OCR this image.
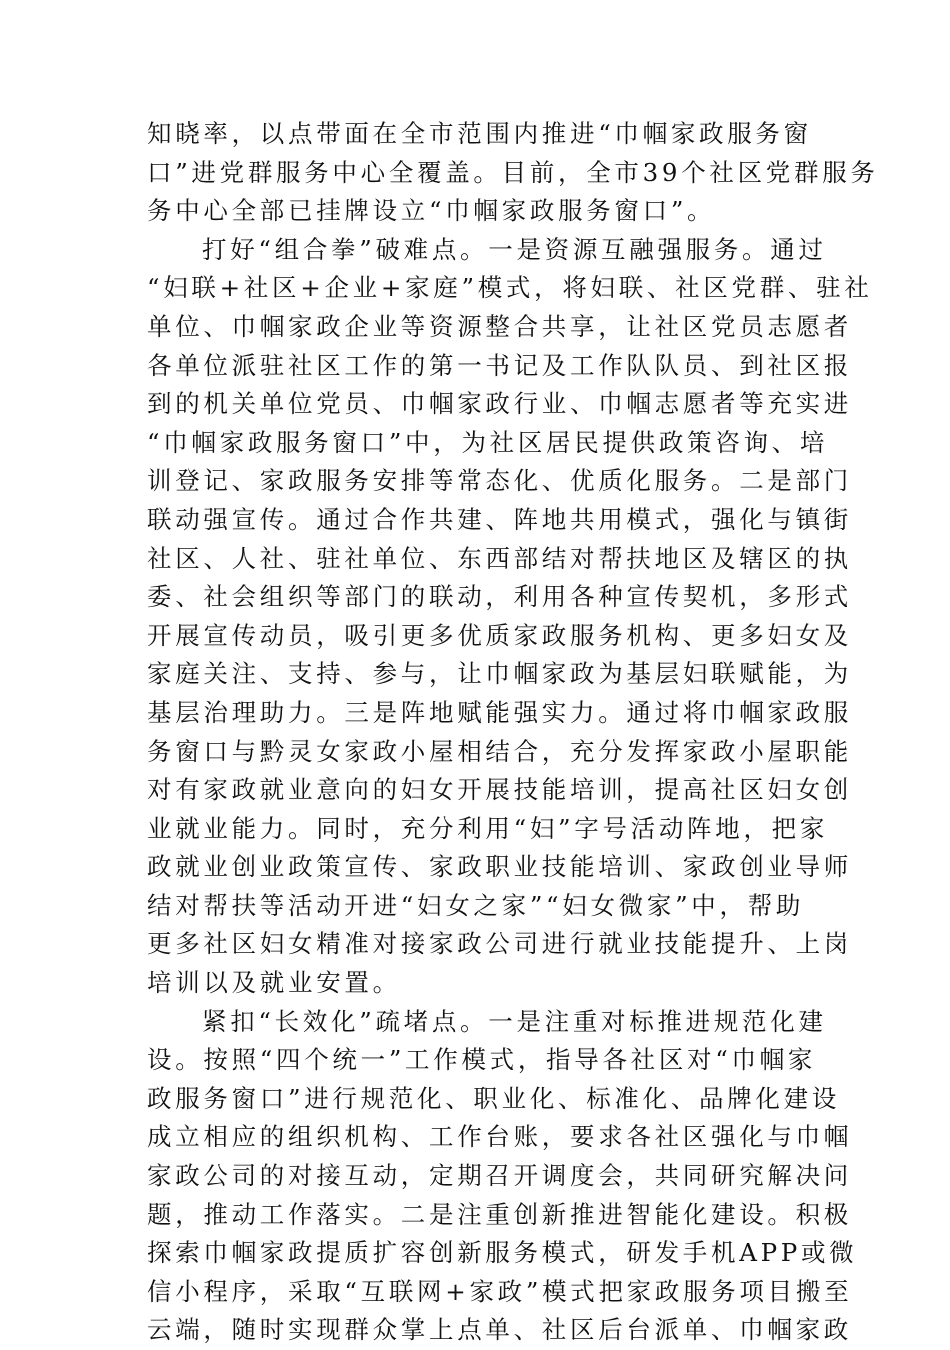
知晓率，以点带面在全市范围内推进“巾帼家政服务窗
口”进党群服务中心全覆盖。目前，全市39个社区党群服务
务中心全部已挂牌设立“巾帼家政服务窗口”。
打好“组合拳”破难点。一是资源互融强服务。通过
“妇联+社区+企业+家庭”模式，将妇联、社区党群、驻社
单位、巾帼家政企业等资源整合共享，让社区党员志愿者
各单位派驻社区工作的第一书记及工作队队员、到社区报
到的机关单位党员、巾帼家政行业、巾帼志愿者等充实进
“巾帼家政服务窗口”中，为社区居民提供政策咨询、培
训登记、家政服务安排等常态化、优质化服务。二是部门
联动强宣传。通过合作共建、阵地共用模式，强化与镇街
社区、人社、驻社单位、东西部结对帮扶地区及辖区的执
委、社会组织等部门的联动，利用各种宣传契机，多形式
开展宣传动员，吸引更多优质家政服务机构、更多妇女及
家庭关注、支持、参与，让巾帼家政为基层妇联赋能，为
基层治理助力。三是阵地赋能强实力。通过将巾帼家政服
务窗口与黔灵女家政小屋相结合，充分发挥家政小屋职能
对有家政就业意向的妇女开展技能培训，提高社区妇女创
业就业能力。同时，充分利用“妇”字号活动阵地，把家
政就业创业政策宣传、家政职业技能培训、家政创业导师
结对帮扶等活动开进“妇女之家”“妇女微家”中，帮助
更多社区妇女精准对接家政公司进行就业技能提升、上岗
培训以及就业安置。
紧扣“长效化”疏堵点。一是注重对标推进规范化建
设。按照“四个统一”工作模式，指导各社区对“巾帼家
政服务窗口”进行规范化、职业化、标准化、品牌化建设
成立相应的组织机构、工作台账，要求各社区强化与巾帼
家政公司的对接互动，定期召开调度会，共同研究解决问
题，推动工作落实。二是注重创新推进智能化建设。积极
探索巾帼家政提质扩容创新服务模式，研发手机APP或微
信小程序，采取“互联网+家政”模式把家政服务项目搬至
云端，随时实现群众掌上点单、社区后台派单、巾帼家政
